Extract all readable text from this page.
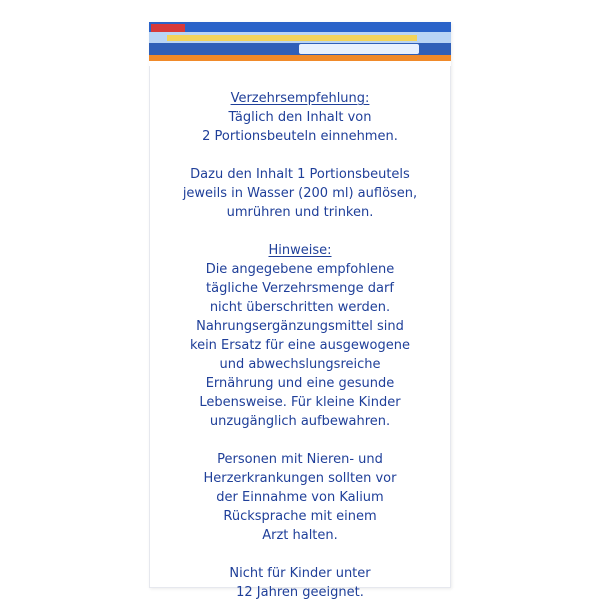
Verzehrsempfehlung:
Täglich den Inhalt von
2 Portionsbeuteln einnehmen.
Dazu den Inhalt 1 Portionsbeutels
jeweils in Wasser (200 ml) auflösen,
umrühren und trinken.
Hinweise:
Die angegebene empfohlene
tägliche Verzehrsmenge darf
nicht überschritten werden.
Nahrungsergänzungsmittel sind
kein Ersatz für eine ausgewogene
und abwechslungsreiche
Ernährung und eine gesunde
Lebensweise. Für kleine Kinder
unzugänglich aufbewahren.
Personen mit Nieren- und
Herzerkrankungen sollten vor
der Einnahme von Kalium
Rücksprache mit einem
Arzt halten.
Nicht für Kinder unter
12 Jahren geeignet.
